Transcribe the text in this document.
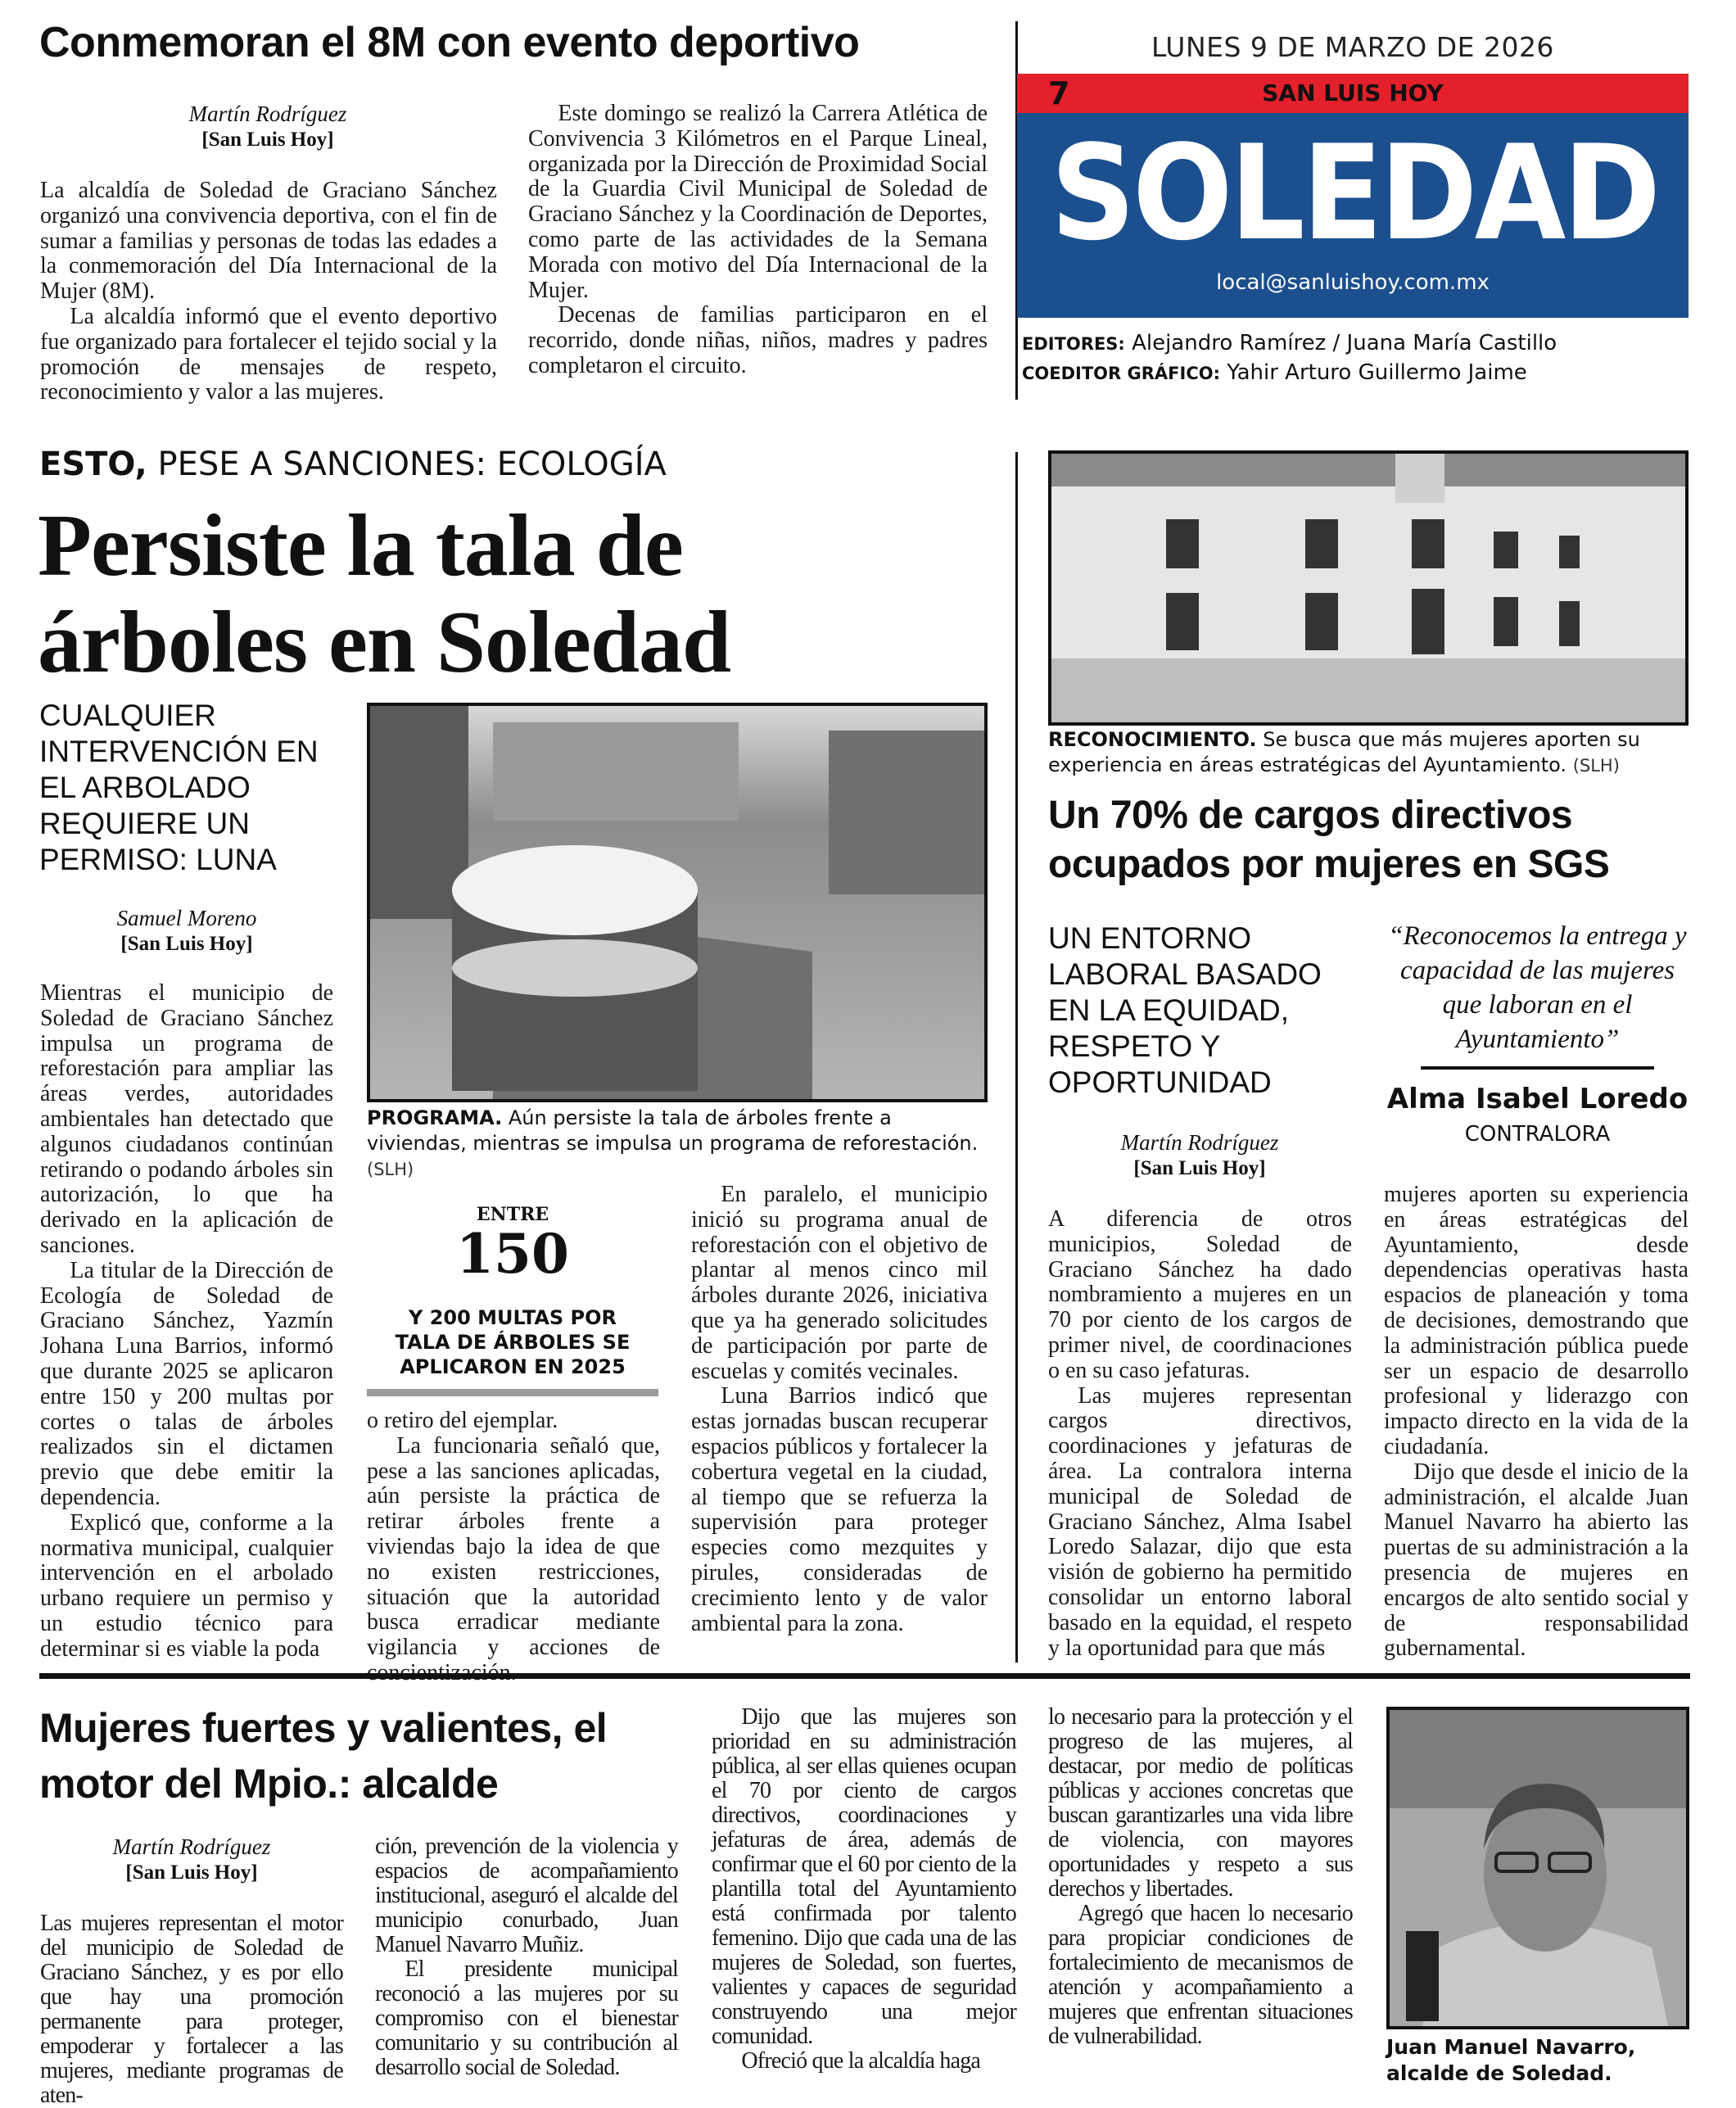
Conmemoran el 8M con evento deportivo
Martín Rodríguez
[San Luis Hoy]

La alcaldía de Soledad de Graciano Sánchez organizó una convivencia deportiva, con el fin de sumar a familias y personas de todas las edades a la conmemoración del Día Internacional de la Mujer (8M).

La alcaldía informó que el evento deportivo fue organizado para fortalecer el tejido social y la promoción de mensajes de respeto, reconocimiento y valor a las mujeres.

Este domingo se realizó la Carrera Atlética de Convivencia 3 Kilómetros en el Parque Lineal, organizada por la Dirección de Proximidad Social de la Guardia Civil Municipal de Soledad de Graciano Sánchez y la Coordinación de Deportes, como parte de las actividades de la Semana Morada con motivo del Día Internacional de la Mujer.

Decenas de familias participaron en el recorrido, donde niñas, niños, madres y padres completaron el circuito.

LUNES 9 DE MARZO DE 2026
7	SAN LUIS HOY
SOLEDAD
local@sanluishoy.com.mx
EDITORES: Alejandro Ramírez / Juana María Castillo
COEDITOR GRÁFICO: Yahir Arturo Guillermo Jaime
ESTO, PESE A SANCIONES: ECOLOGÍA
Persiste la tala de árboles en Soledad
CUALQUIER INTERVENCIÓN EN EL ARBOLADO REQUIERE UN PERMISO: LUNA
Samuel Moreno
[San Luis Hoy]
PROGRAMA. Aún persiste la tala de árboles frente a viviendas, mientras se impulsa un programa de reforestación. (SLH)

Mientras el municipio de Soledad de Graciano Sánchez impulsa un programa de reforestación para ampliar las áreas verdes, autoridades ambientales han detectado que algunos ciudadanos continúan retirando o podando árboles sin autorización, lo que ha derivado en la aplicación de sanciones.

La titular de la Dirección de Ecología de Soledad de Graciano Sánchez, Yazmín Johana Luna Barrios, informó que durante 2025 se aplicaron entre 150 y 200 multas por cortes o talas de árboles realizados sin el dictamen previo que debe emitir la dependencia.

Explicó que, conforme a la normativa municipal, cualquier intervención en el arbolado urbano requiere un permiso y un estudio técnico para determinar si es viable la poda

ENTRE
150
Y 200 MULTAS POR TALA DE ÁRBOLES SE APLICARON EN 2025

o retiro del ejemplar.

La funcionaria señaló que, pese a las sanciones aplicadas, aún persiste la práctica de retirar árboles frente a viviendas bajo la idea de que no existen restricciones, situación que la autoridad busca erradicar mediante vigilancia y acciones de

En paralelo, el municipio inició su programa anual de reforestación con el objetivo de plantar al menos cinco mil árboles durante 2026, iniciativa que ya ha generado solicitudes de participación por parte de escuelas y comités vecinales.

Luna Barrios indicó que estas jornadas buscan recuperar espacios públicos y fortalecer la cobertura vegetal en la ciudad, al tiempo que se refuerza la supervisión para proteger especies como mezquites y pirules, consideradas de crecimiento lento y de valor ambiental para la zona.

RECONOCIMIENTO. Se busca que más mujeres aporten su experiencia en áreas estratégicas del Ayuntamiento. (SLH)
Un 70% de cargos directivos ocupados por mujeres en SGS
UN ENTORNO LABORAL BASADO EN LA EQUIDAD, RESPETO Y OPORTUNIDAD
“Reconocemos la entrega y capacidad de las mujeres que laboran en el Ayuntamiento”
Alma Isabel Loredo
CONTRALORA
Martín Rodríguez
[San Luis Hoy]

A diferencia de otros municipios, Soledad de Graciano Sánchez ha dado nombramiento a mujeres en un 70 por ciento de los cargos de primer nivel, de coordinaciones o en su caso jefaturas.

Las mujeres representan cargos directivos, coordinaciones y jefaturas de área. La contralora interna municipal de Soledad de Graciano Sánchez, Alma Isabel Loredo Salazar, dijo que esta visión de gobierno ha permitido consolidar un entorno laboral basado en la equidad, el respeto y la oportunidad para que más

mujeres aporten su experiencia en áreas estratégicas del Ayuntamiento, desde dependencias operativas hasta espacios de planeación y toma de decisiones, demostrando que la administración pública puede ser un espacio de desarrollo profesional y liderazgo con impacto directo en la vida de la ciudadanía.

Dijo que desde el inicio de la administración, el alcalde Juan Manuel Navarro ha abierto las puertas de su administración a la presencia de mujeres en encargos de alto sentido social y de responsabilidad gubernamental.

Mujeres fuertes y valientes, el motor del Mpio.: alcalde
Martín Rodríguez
[San Luis Hoy]

Las mujeres representan el motor del municipio de Soledad de Graciano Sánchez, y es por ello que hay una promoción permanente para proteger, empoderar y fortalecer a las mujeres, mediante programas de aten-

ción, prevención de la violencia y espacios de acompañamiento institucional, aseguró el alcalde del municipio conurbado, Juan Manuel Navarro Muñiz.

El presidente municipal reconoció a las mujeres por su compromiso con el bienestar comunitario y su contribución al desarrollo social de Soledad.

Dijo que las mujeres son prioridad en su administración pública, al ser ellas quienes ocupan el 70 por ciento de cargos directivos, coordinaciones y jefaturas de área, además de confirmar que el 60 por ciento de la plantilla total del Ayuntamiento está confirmada por talento femenino. Dijo que cada una de las mujeres de Soledad, son fuertes, valientes y capaces de seguridad construyendo una mejor comunidad.

Ofreció que la alcaldía haga

lo necesario para la protección y el progreso de las mujeres, al destacar, por medio de políticas públicas y acciones concretas que buscan garantizarles una vida libre de violencia, con mayores oportunidades y respeto a sus derechos y libertades.

Agregó que hacen lo necesario para propiciar condiciones de fortalecimiento de mecanismos de atención y acompañamiento a mujeres que enfrentan situaciones de vulnerabilidad.	Juan Manuel Navarro, alcalde de Soledad.
